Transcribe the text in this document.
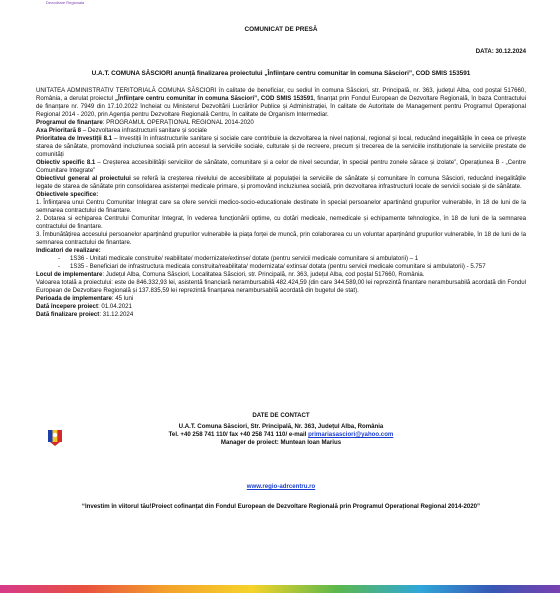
Dezvoltare Regionala

COMUNICAT DE PRESĂ

DATA: 30.12.2024

U.A.T. COMUNA SĂSCIORI anunță finalizarea proiectului „Înființare centru comunitar în comuna Săsciori”, COD SMIS 153591

UNITATEA ADMINISTRATIV TERITORIALĂ COMUNA SĂSCIORI în calitate de beneficiar, cu sediul în comuna Săsciori, str. Principală, nr. 363, județul Alba, cod poștal 517660, România, a derulat proiectul „Înființare centru comunitar în comuna Săsciori”, COD SMIS 153591, finanțat prin Fondul European de Dezvoltare Regională, în baza Contractului de finanțare nr. 7949 din 17.10.2022 încheiat cu Ministerul Dezvoltării Lucrărilor Publice și Administrației, în calitate de Autoritate de Management pentru Programul Operațional Regional 2014 - 2020, prin Agenția pentru Dezvoltare Regională Centru, în calitate de Organism Intermediar.

Programul de finanțare: PROGRAMUL OPERAȚIONAL REGIONAL 2014-2020

Axa Prioritară 8 – Dezvoltarea infrastructurii sanitare și sociale

Prioritatea de Investiții 8.1 – Investiții în infrastructurile sanitare și sociale care contribuie la dezvoltarea la nivel național, regional și local, reducând inegalitățile în ceea ce privește starea de sănătate, promovând incluziunea socială prin accesul la serviciile sociale, culturale și de recreere, precum și trecerea de la serviciile instituționale la serviciile prestate de comunități

Obiectiv specific 8.1 – Creșterea accesibilității serviciilor de sănătate, comunitare și a celor de nivel secundar, în special pentru zonele sărace și izolate”, Operațiunea B - „Centre Comunitare Integrate”

Obiectivul general al proiectului se referă la creșterea nivelului de accesibilitate al populației la serviciile de sănătate și comunitare în comuna Săsciori, reducând inegalitățile legate de starea de sănătate prin consolidarea asistenței medicale primare, și promovând incluziunea socială, prin dezvoltarea infrastructurii locale de servicii sociale și de sănătate.

Obiectivele specifice:

1. Înființarea unui Centru Comunitar Integrat care sa ofere servicii medico-socio-educationale destinate în special persoanelor apartinând grupurilor vulnerabile, în 18 de luni de la semnarea contractului de finantare.

2. Dotarea si echiparea Centrului Comunitar Integrat, în vederea funcționării optime, cu dotări medicale, nemedicale și echipamente tehnologice, în 18 de luni de la semnarea contractului de finantare.

3. Îmbunătățirea accesului persoanelor aparținând grupurilor vulnerabile la piața forței de muncă, prin colaborarea cu un voluntar aparținând grupurilor vulnerabile, în 18 de luni de la semnarea contractului de finantare.

Indicatori de realizare:

- 1S36 - Unitati medicale construite/ reabilitate/ modernizate/extinse/ dotate (pentru servicii medicale comunitare si ambulatorii) – 1
- 1S35 - Beneficiari de infrastructura medicala construita/reabilitata/ modernizata/ extinsa/ dotata (pentru servicii medicale comunitare si ambulatorii) - 5.757

Locul de implementare: Județul Alba, Comuna Săsciori, Localitatea Săsciori, str. Principală, nr. 363, județul Alba, cod poștal 517660, România.

Valoarea totală a proiectului: este de 846.332,93 lei, asistentă financiară nerambursabilă 482.424,59 (din care 344.589,00 lei reprezintă finantare nerambursabilă acordată din Fondul European de Dezvoltare Regională și 137.835,59 lei reprezintă finanțarea nerambursabilă acordată din bugetul de stat).

Perioada de implementare: 45 luni

Dată începere proiect: 01.04.2021

Dată finalizare proiect: 31.12.2024

DATE DE CONTACT

U.A.T. Comuna Săsciori, Str. Principală, Nr. 363, Județul Alba, România

Tel. +40 258 741 110/ fax +40 258 741 110/ e-mail primariasasciori@yahoo.com

Manager de proiect: Muntean Ioan Marius

www.regio-adrcentru.ro
“Investim în viitorul tău!Proiect cofinanțat din Fondul European de Dezvoltare Regională prin Programul Operațional Regional 2014-2020”
